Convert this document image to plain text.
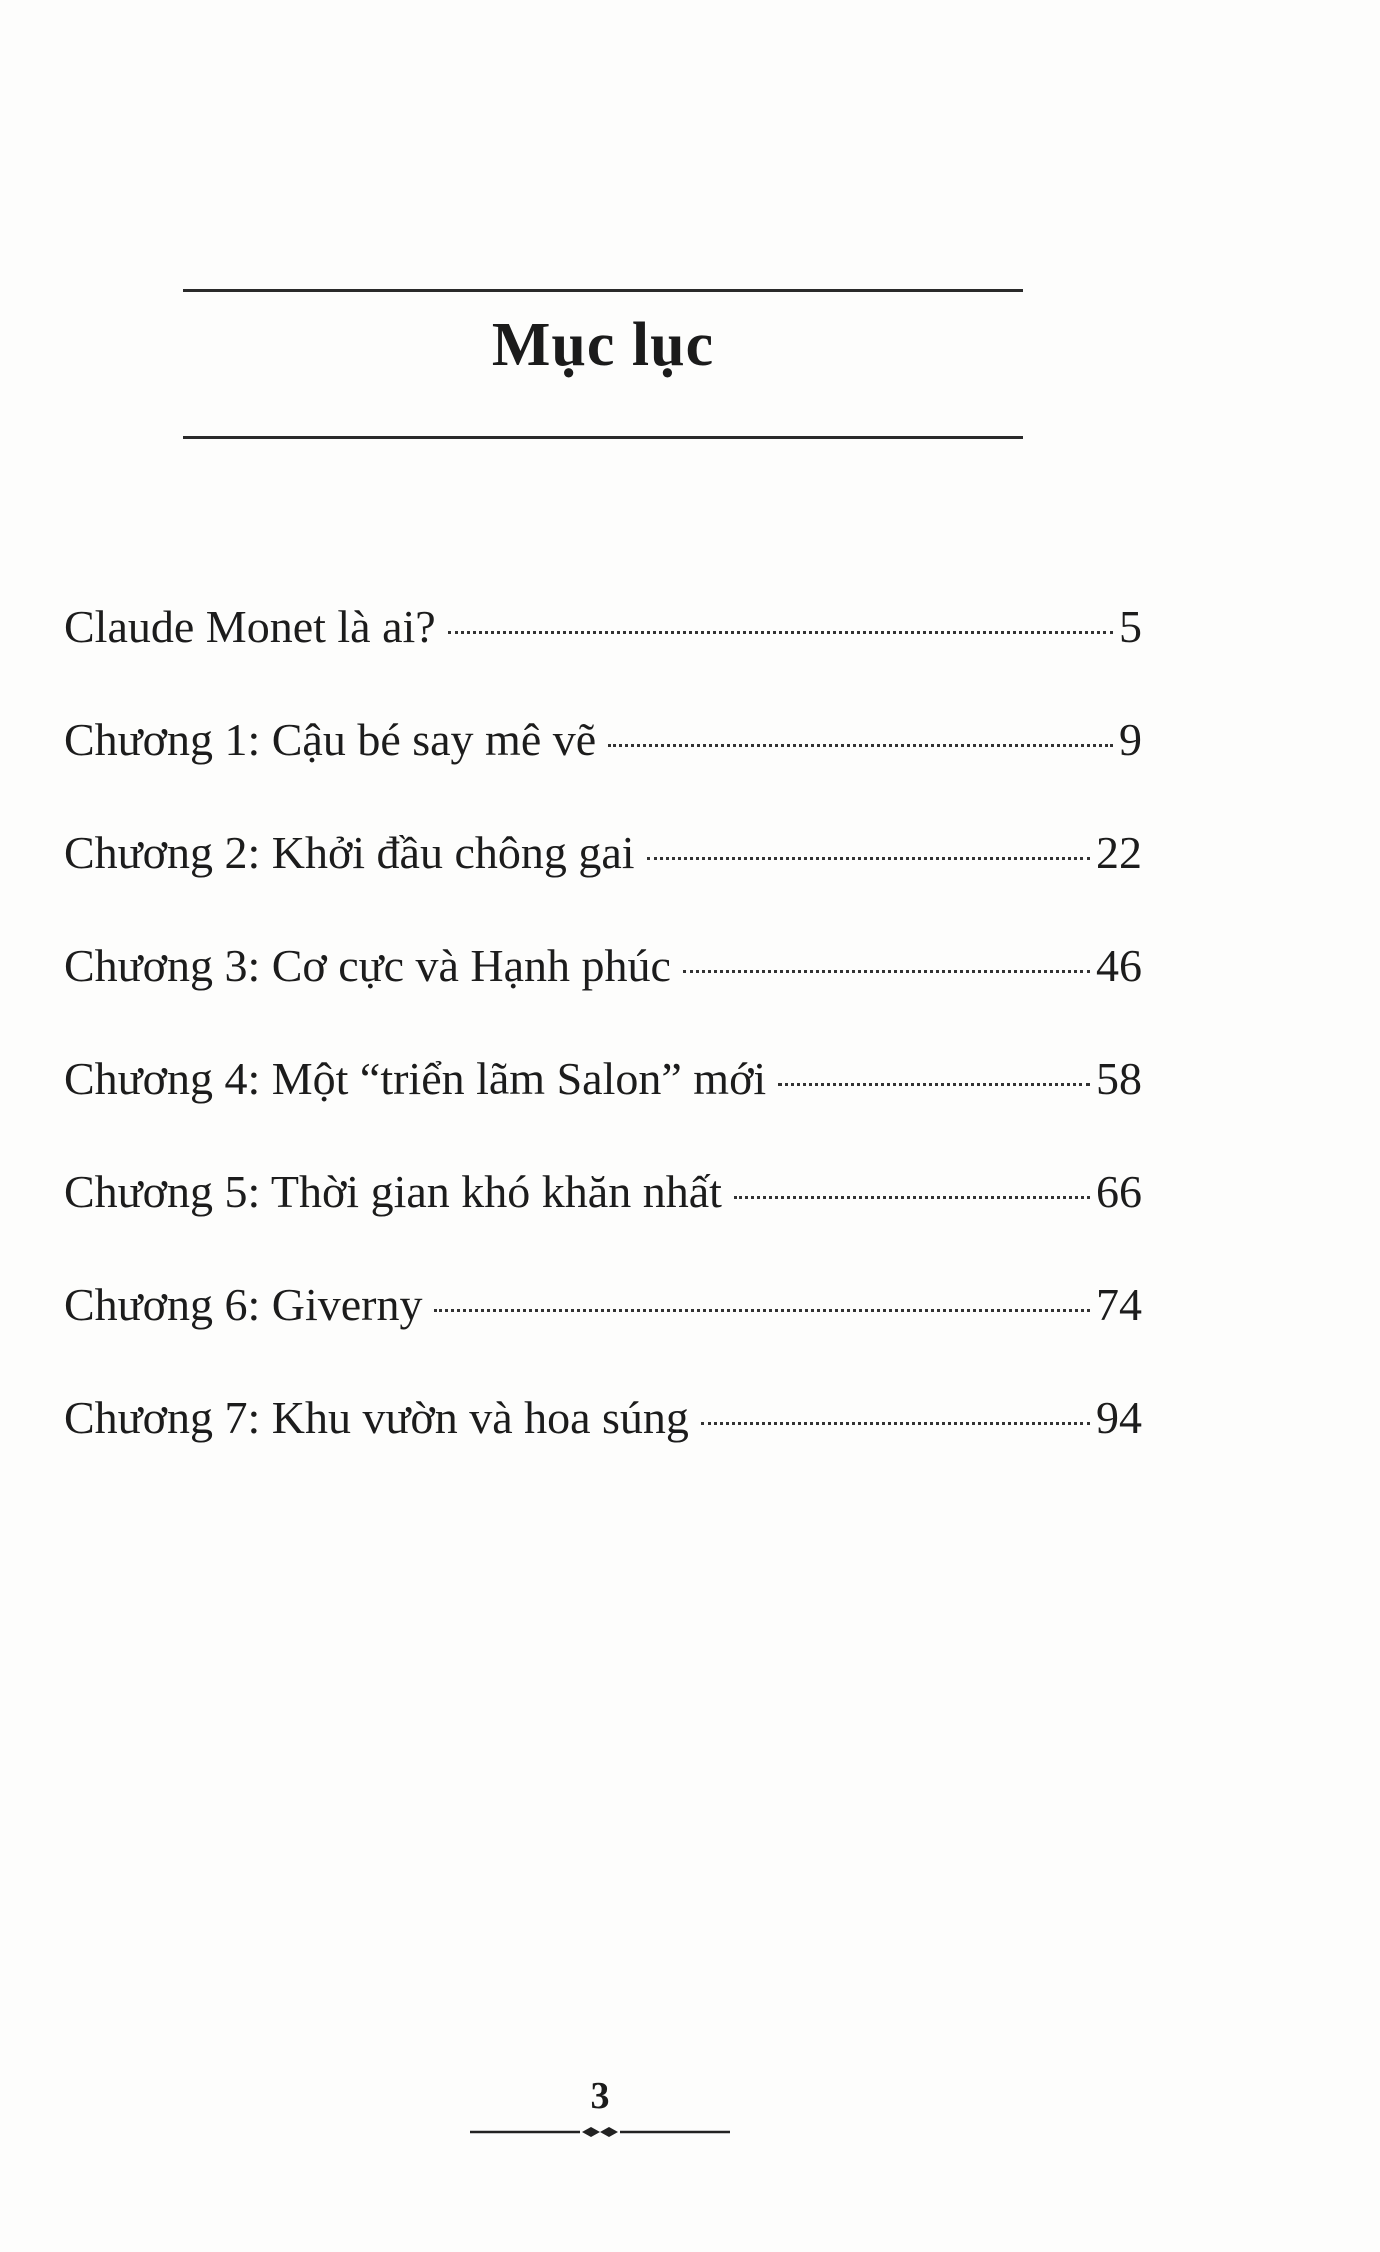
Mục lục
Claude Monet là ai?	5
Chương 1: Cậu bé say mê vẽ	9
Chương 2: Khởi đầu chông gai	22
Chương 3: Cơ cực và Hạnh phúc	46
Chương 4: Một “triển lãm Salon” mới	58
Chương 5: Thời gian khó khăn nhất	66
Chương 6: Giverny	74
Chương 7: Khu vườn và hoa súng	94
3
